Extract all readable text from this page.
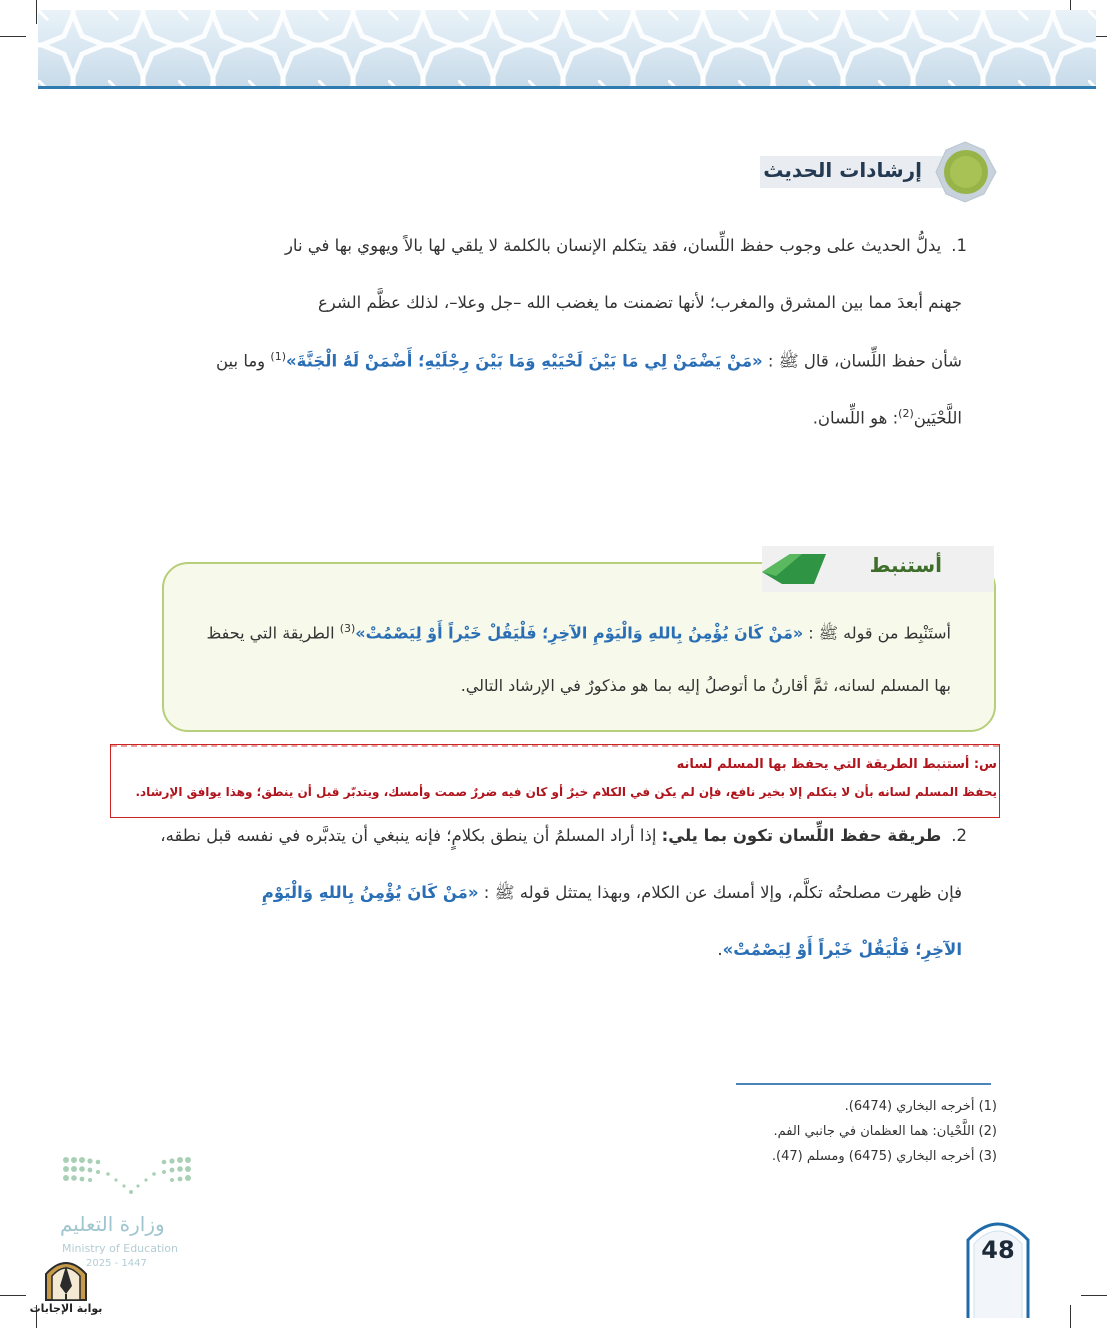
إرشادات الحديث
1.يدلُّ الحديث على وجوب حفظ اللِّسان، فقد يتكلم الإنسان بالكلمة لا يلقي لها بالاً ويهوي بها في نار
جهنم أبعدَ مما بين المشرق والمغرب؛ لأنها تضمنت ما يغضب الله –جل وعلا–، لذلك عظَّم الشرع
شأن حفظ اللِّسان، قال ﷺ : «مَنْ يَضْمَنْ لِي مَا بَيْنَ لَحْيَيْهِ وَمَا بَيْنَ رِجْلَيْهِ؛ أَضْمَنْ لَهُ الْجَنَّةَ»$^{(1)}$ وما بين
اللَّحْيَين$^{(2)}$: هو اللِّسان.
أستنبط
أستَنْبِط من قوله ﷺ : «مَنْ كَانَ يُؤْمِنُ بِاللهِ وَالْيَوْمِ الآخِرِ؛ فَلْيَقُلْ خَيْراً أَوْ لِيَصْمُتْ»$^{(3)}$ الطريقة التي يحفظ
بها المسلم لسانه، ثمَّ أقارنُ ما أتوصلُ إليه بما هو مذكورٌ في الإرشاد التالي.
س: أستنبط الطريقة التي يحفظ بها المسلم لسانه
يحفظ المسلم لسانه بأن لا يتكلم إلا بخير نافع، فإن لم يكن في الكلام خيرٌ أو كان فيه ضررٌ صمت وأمسك، ويتدبّر قبل أن ينطق؛ وهذا يوافق الإرشاد.
2.طريقة حفظ اللِّسان تكون بما يلي: إذا أراد المسلمُ أن ينطق بكلامٍ؛ فإنه ينبغي أن يتدبَّره في نفسه قبل نطقه،
فإن ظهرت مصلحتُه تكلَّم، وإلا أمسك عن الكلام، وبهذا يمتثل قوله ﷺ : «مَنْ كَانَ يُؤْمِنُ بِاللهِ وَالْيَوْمِ
الآخِرِ؛ فَلْيَقُلْ خَيْراً أَوْ لِيَصْمُتْ».
(1) أخرجه البخاري (6474).
(2) اللَّحْيان: هما العظمان في جانبي الفم.
(3) أخرجه البخاري (6475) ومسلم (47).
وزارة التعليم
Ministry of Education
2025 - 1447
بوابة الإجابات
48
